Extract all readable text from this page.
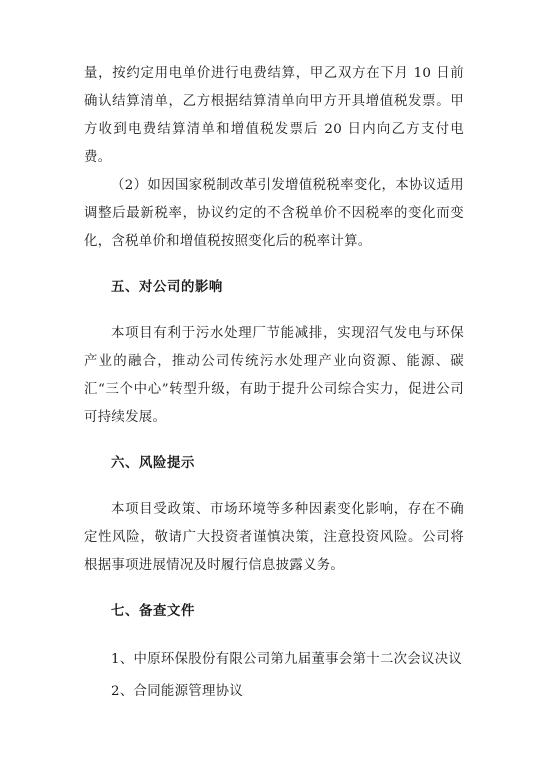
量，按约定用电单价进行电费结算，甲乙双方在下月 10 日前确认结算清单，乙方根据结算清单向甲方开具增值税发票。甲方收到电费结算清单和增值税发票后 20 日内向乙方支付电费。

（2）如因国家税制改革引发增值税税率变化，本协议适用调整后最新税率，协议约定的不含税单价不因税率的变化而变化，含税单价和增值税按照变化后的税率计算。

五、对公司的影响

本项目有利于污水处理厂节能减排，实现沼气发电与环保产业的融合，推动公司传统污水处理产业向资源、能源、碳汇“三个中心”转型升级，有助于提升公司综合实力，促进公司可持续发展。

六、风险提示

本项目受政策、市场环境等多种因素变化影响，存在不确定性风险，敬请广大投资者谨慎决策，注意投资风险。公司将根据事项进展情况及时履行信息披露义务。

七、备查文件

1、中原环保股份有限公司第九届董事会第十二次会议决议

2、合同能源管理协议
